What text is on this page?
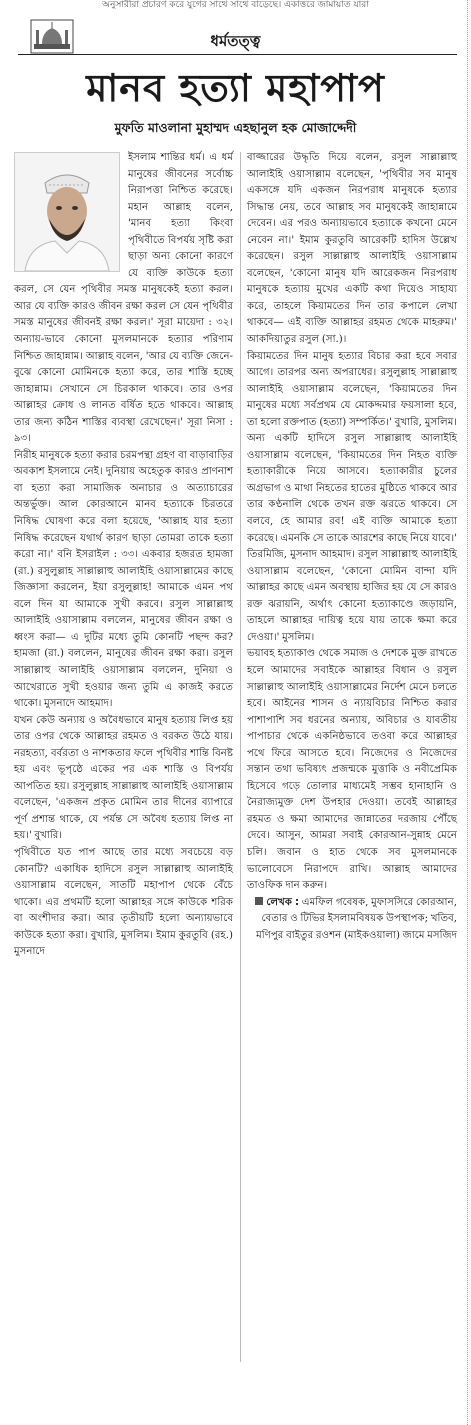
অনুসারীরা প্রচারণ করে যুগের সাথে সাথে বাড়েছে। একাত্তরে জামায়াত যারা
ধর্মতত্ত্ব
মানব হত্যা মহাপাপ
মুফতি মাওলানা মুহাম্মদ এহছানুল হক মোজাদ্দেদী

ইসলাম শান্তির ধর্ম। এ ধর্ম মানুষের জীবনের সর্বোচ্চ নিরাপত্তা নিশ্চিত করেছে। মহান আল্লাহ বলেন, 'মানব হত্যা কিংবা পৃথিবীতে বিপর্যয় সৃষ্টি করা ছাড়া অন্য কোনো কারণে যে ব্যক্তি কাউকে হত্যা করল, সে যেন পৃথিবীর সমস্ত মানুষকেই হত্যা করল। আর যে ব্যক্তি কারও জীবন রক্ষা করল সে যেন পৃথিবীর সমস্ত মানুষের জীবনই রক্ষা করল।' সূরা মায়েদা : ৩২। অন্যায়-ভাবে কোনো মুসলমানকে হত্যার পরিণাম নিশ্চিত জাহান্নাম। আল্লাহ বলেন, 'আর যে ব্যক্তি জেনে-বুঝে কোনো মোমিনকে হত্যা করে, তার শাস্তি হচ্ছে জাহান্নাম। সেখানে সে চিরকাল থাকবে। তার ওপর আল্লাহর ক্রোধ ও লানত বর্ষিত হতে থাকবে। আল্লাহ তার জন্য কঠিন শাস্তির ব্যবস্থা রেখেছেন।' সূরা নিসা : ৯৩।

নিরীহ মানুষকে হত্যা করার চরমপন্থা গ্রহণ বা বাড়াবাড়ির অবকাশ ইসলামে নেই। দুনিয়ায় অহেতুক কারও প্রাণনাশ বা হত্যা করা সামাজিক অনাচার ও অত্যাচারের অন্তর্ভুক্ত। আল কোরআনে মানব হত্যাকে চিরতরে নিষিদ্ধ ঘোষণা করে বলা হয়েছে, 'আল্লাহ যার হত্যা নিষিদ্ধ করেছেন যথার্থ কারণ ছাড়া তোমরা তাকে হত্যা করো না।' বনি ইসরাইল : ৩৩। একবার হজরত হামজা (রা.) রসুলুল্লাহ সাল্লাল্লাহু আলাইহি ওয়াসাল্লামের কাছে জিজ্ঞাসা করলেন, ইয়া রসুলুল্লাহ! আমাকে এমন পথ বলে দিন যা আমাকে সুখী করবে। রসুল সাল্লাল্লাহু আলাইহি ওয়াসাল্লাম বললেন, মানুষের জীবন রক্ষা ও ধ্বংস করা— এ দুটির মধ্যে তুমি কোনটি পছন্দ কর? হামজা (রা.) বললেন, মানুষের জীবন রক্ষা করা। রসুল সাল্লাল্লাহু আলাইহি ওয়াসাল্লাম বললেন, দুনিয়া ও আখেরাতে সুখী হওয়ার জন্য তুমি এ কাজই করতে থাকো। মুসনাদে আহমাদ।

যখন কেউ অন্যায় ও অবৈধভাবে মানুষ হত্যায় লিপ্ত হয় তার ওপর থেকে আল্লাহর রহমত ও বরকত উঠে যায়। নরহত্যা, বর্বরতা ও নাশকতার ফলে পৃথিবীর শান্তি বিনষ্ট হয় এবং ভূপৃষ্ঠে একের পর এক শাস্তি ও বিপর্যয় আপতিত হয়। রসুলুল্লাহ সাল্লাল্লাহু আলাইহি ওয়াসাল্লাম বলেছেন, 'একজন প্রকৃত মোমিন তার দীনের ব্যাপারে পূর্ণ প্রশান্ত থাকে, যে পর্যন্ত সে অবৈধ হত্যায় লিপ্ত না হয়।' বুখারি।

পৃথিবীতে যত পাপ আছে তার মধ্যে সবচেয়ে বড় কোনটি? একাধিক হাদিসে রসুল সাল্লাল্লাহু আলাইহি ওয়াসাল্লাম বলেছেন, সাতটি মহাপাপ থেকে বেঁচে থাকো। এর প্রথমটি হলো আল্লাহর সঙ্গে কাউকে শরিক বা অংশীদার করা। আর তৃতীয়টি হলো অন্যায়ভাবে কাউকে হত্যা করা। বুখারি, মুসলিম। ইমাম কুরতুবি (রহ.) মুসনাদে

বাজ্জারের উদ্ধৃতি দিয়ে বলেন, রসুল সাল্লাল্লাহু আলাইহি ওয়াসাল্লাম বলেছেন, 'পৃথিবীর সব মানুষ একসঙ্গে যদি একজন নিরপরাধ মানুষকে হত্যার সিদ্ধান্ত নেয়, তবে আল্লাহ সব মানুষকেই জাহান্নামে দেবেন। এর পরও অন্যায়ভাবে হত্যাকে কখনো মেনে নেবেন না।' ইমাম কুরতুবি আরেকটি হাদিস উল্লেখ করেছেন। রসুল সাল্লাল্লাহু আলাইহি ওয়াসাল্লাম বলেছেন, 'কোনো মানুষ যদি আরেকজন নিরপরাধ মানুষকে হত্যায় মুখের একটি কথা দিয়েও সাহায্য করে, তাহলে কিয়ামতের দিন তার কপালে লেখা থাকবে— এই ব্যক্তি আল্লাহর রহমত থেকে মাহরুম।' আকদিয়াতুর রসুল (সা.)।

কিয়ামতের দিন মানুষ হত্যার বিচার করা হবে সবার আগে। তারপর অন্য অপরাধের। রসুলুল্লাহ সাল্লাল্লাহু আলাইহি ওয়াসাল্লাম বলেছেন, 'কিয়ামতের দিন মানুষের মধ্যে সর্বপ্রথম যে মোকদ্দমার ফয়সালা হবে, তা হলো রক্তপাত (হত্যা) সম্পর্কিত।' বুখারি, মুসলিম। অন্য একটি হাদিসে রসুল সাল্লাল্লাহু আলাইহি ওয়াসাল্লাম বলেছেন, 'কিয়ামতের দিন নিহত ব্যক্তি হত্যাকারীকে নিয়ে আসবে। হত্যাকারীর চুলের অগ্রভাগ ও মাথা নিহতের হাতের মুষ্ঠিতে থাকবে আর তার কণ্ঠনালি থেকে তখন রক্ত ঝরতে থাকবে। সে বলবে, হে আমার রব! এই ব্যক্তি আমাকে হত্যা করেছে। এমনকি সে তাকে আরশের কাছে নিয়ে যাবে।' তিরমিজি, মুসনাদ আহমাদ। রসুল সাল্লাল্লাহু আলাইহি ওয়াসাল্লাম বলেছেন, 'কোনো মোমিন বান্দা যদি আল্লাহর কাছে এমন অবস্থায় হাজির হয় যে সে কারও রক্ত ঝরায়নি, অর্থাৎ কোনো হত্যাকাণ্ডে জড়ায়নি, তাহলে আল্লাহর দায়িত্ব হয়ে যায় তাকে ক্ষমা করে দেওয়া।' মুসলিম।

ভয়াবহ হত্যাকাণ্ড থেকে সমাজ ও দেশকে মুক্ত রাখতে হলে আমাদের সবাইকে আল্লাহর বিধান ও রসুল সাল্লাল্লাহু আলাইহি ওয়াসাল্লামের নির্দেশ মেনে চলতে হবে। আইনের শাসন ও ন্যায়বিচার নিশ্চিত করার পাশাপাশি সব ধরনের অন্যায়, অবিচার ও যাবতীয় পাপাচার থেকে একনিষ্ঠভাবে তওবা করে আল্লাহর পথে ফিরে আসতে হবে। নিজেদের ও নিজেদের সন্তান তথা ভবিষ্যৎ প্রজন্মকে মুত্তাকি ও নবীপ্রেমিক হিসেবে গড়ে তোলার মাধ্যমেই সম্ভব হানাহানি ও নৈরাজ্যমুক্ত দেশ উপহার দেওয়া। তবেই আল্লাহর রহমত ও ক্ষমা আমাদের জান্নাতের দরজায় পৌঁছে দেবে। আসুন, আমরা সবাই কোরআন-সুন্নাহ মেনে চলি। জবান ও হাত থেকে সব মুসলমানকে ভালোবেসে নিরাপদে রাখি। আল্লাহ আমাদের তাওফিক দান করুন।

লেখক : এমফিল গবেষক, মুফাসসিরে কোরআন, বেতার ও টিভির ইসলামবিষয়ক উপস্থাপক; খতিব, মণিপুর বাইতুর রওশন (মাইকওয়ালা) জামে মসজিদ
